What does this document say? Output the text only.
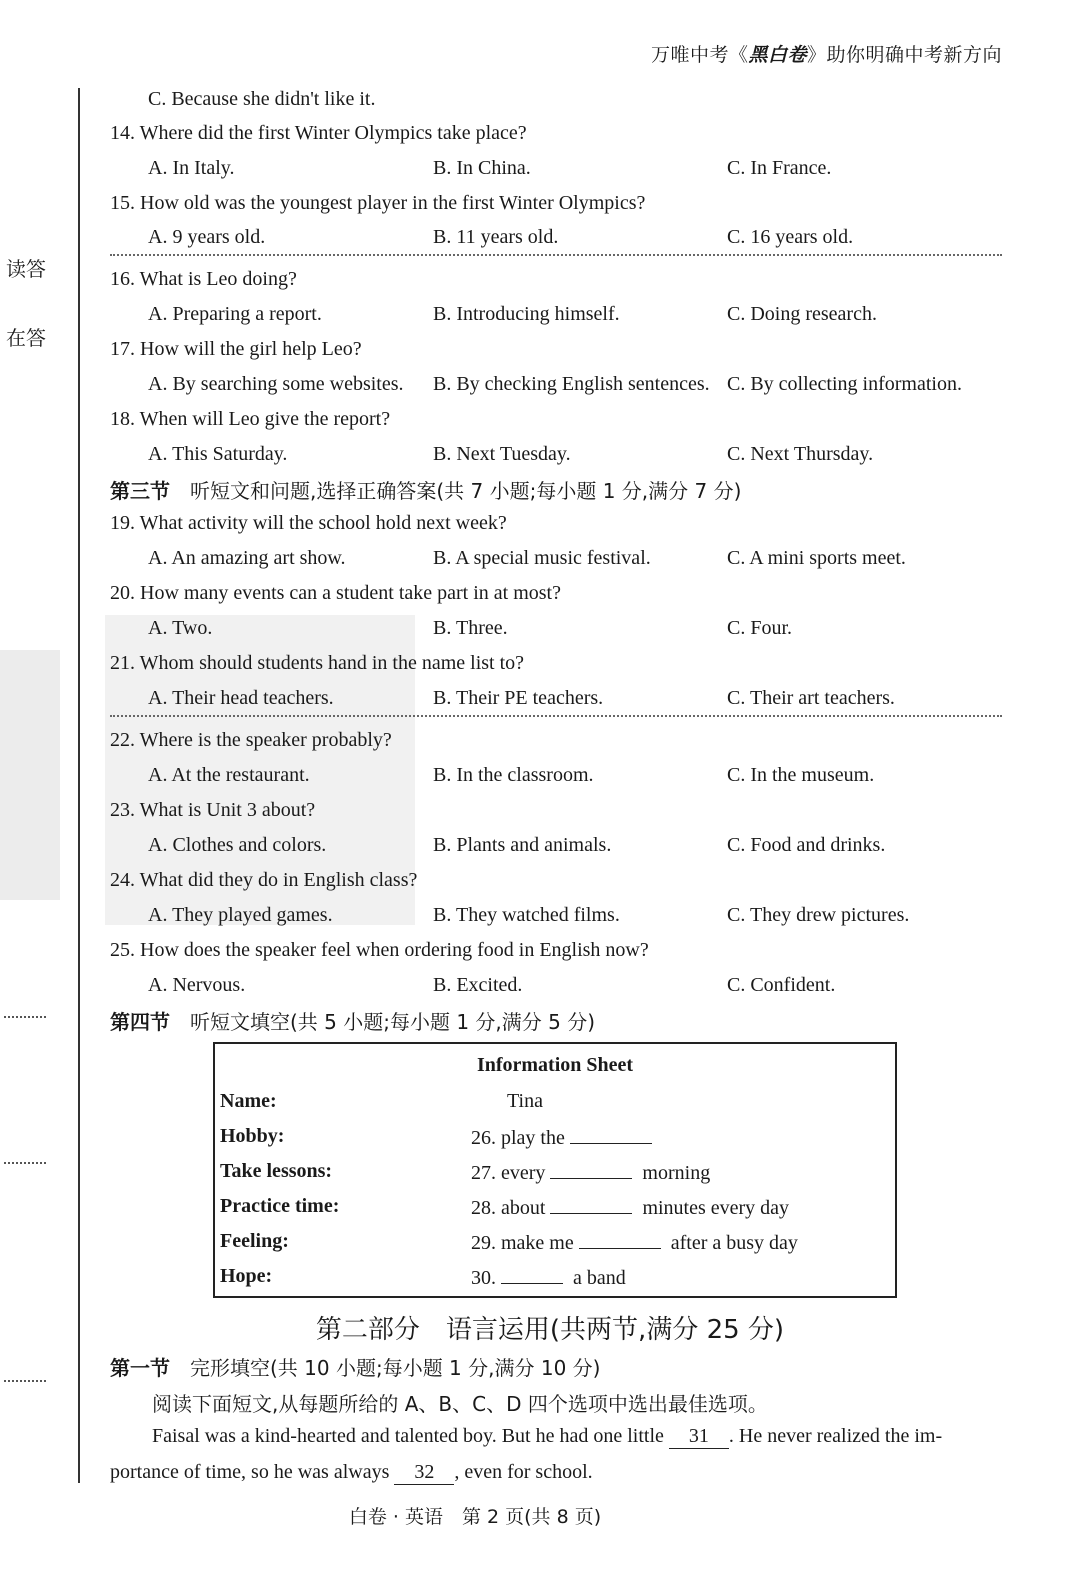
万唯中考《黑白卷》助你明确中考新方向
读答
在答
C. Because she didn't like it.
14. Where did the first Winter Olympics take place?
A. In Italy.	B. In China.	C. In France.
15. How old was the youngest player in the first Winter Olympics?
A. 9 years old.	B. 11 years old.	C. 16 years old.
16. What is Leo doing?
A. Preparing a report.	B. Introducing himself.	C. Doing research.
17. How will the girl help Leo?
A. By searching some websites. B. By checking English sentences. C. By collecting information.
18. When will Leo give the report?
A. This Saturday.	B. Next Tuesday.	C. Next Thursday.
第三节 听短文和问题,选择正确答案(共 7 小题;每小题 1 分,满分 7 分)
19. What activity will the school hold next week?
A. An amazing art show.	B. A special music festival.	C. A mini sports meet.
20. How many events can a student take part in at most?
A. Two.	B. Three.	C. Four.
21. Whom should students hand in the name list to?
A. Their head teachers.	B. Their PE teachers.	C. Their art teachers.
22. Where is the speaker probably?
A. At the restaurant.	B. In the classroom.	C. In the museum.
23. What is Unit 3 about?
A. Clothes and colors.	B. Plants and animals.	C. Food and drinks.
24. What did they do in English class?
A. They played games.	B. They watched films.	C. They drew pictures.
25. How does the speaker feel when ordering food in English now?
A. Nervous.	B. Excited.	C. Confident.
第四节 听短文填空(共 5 小题;每小题 1 分,满分 5 分)
Information Sheet
Name:	Tina
Hobby:	26. play the
Take lessons:	27. every	morning
Practice time:	28. about	minutes every day
Feeling:	29. make me	after a busy day
Hope:	30.	a band
第二部分　语言运用(共两节,满分 25 分)
第一节 完形填空(共 10 小题;每小题 1 分,满分 10 分)
阅读下面短文,从每题所给的 A、B、C、D 四个选项中选出最佳选项。
Faisal was a kind-hearted and talented boy. But he had one little 31 . He never realized the im-
portance of time, so he was always 32 , even for school.
白卷 · 英语　第 2 页(共 8 页)
